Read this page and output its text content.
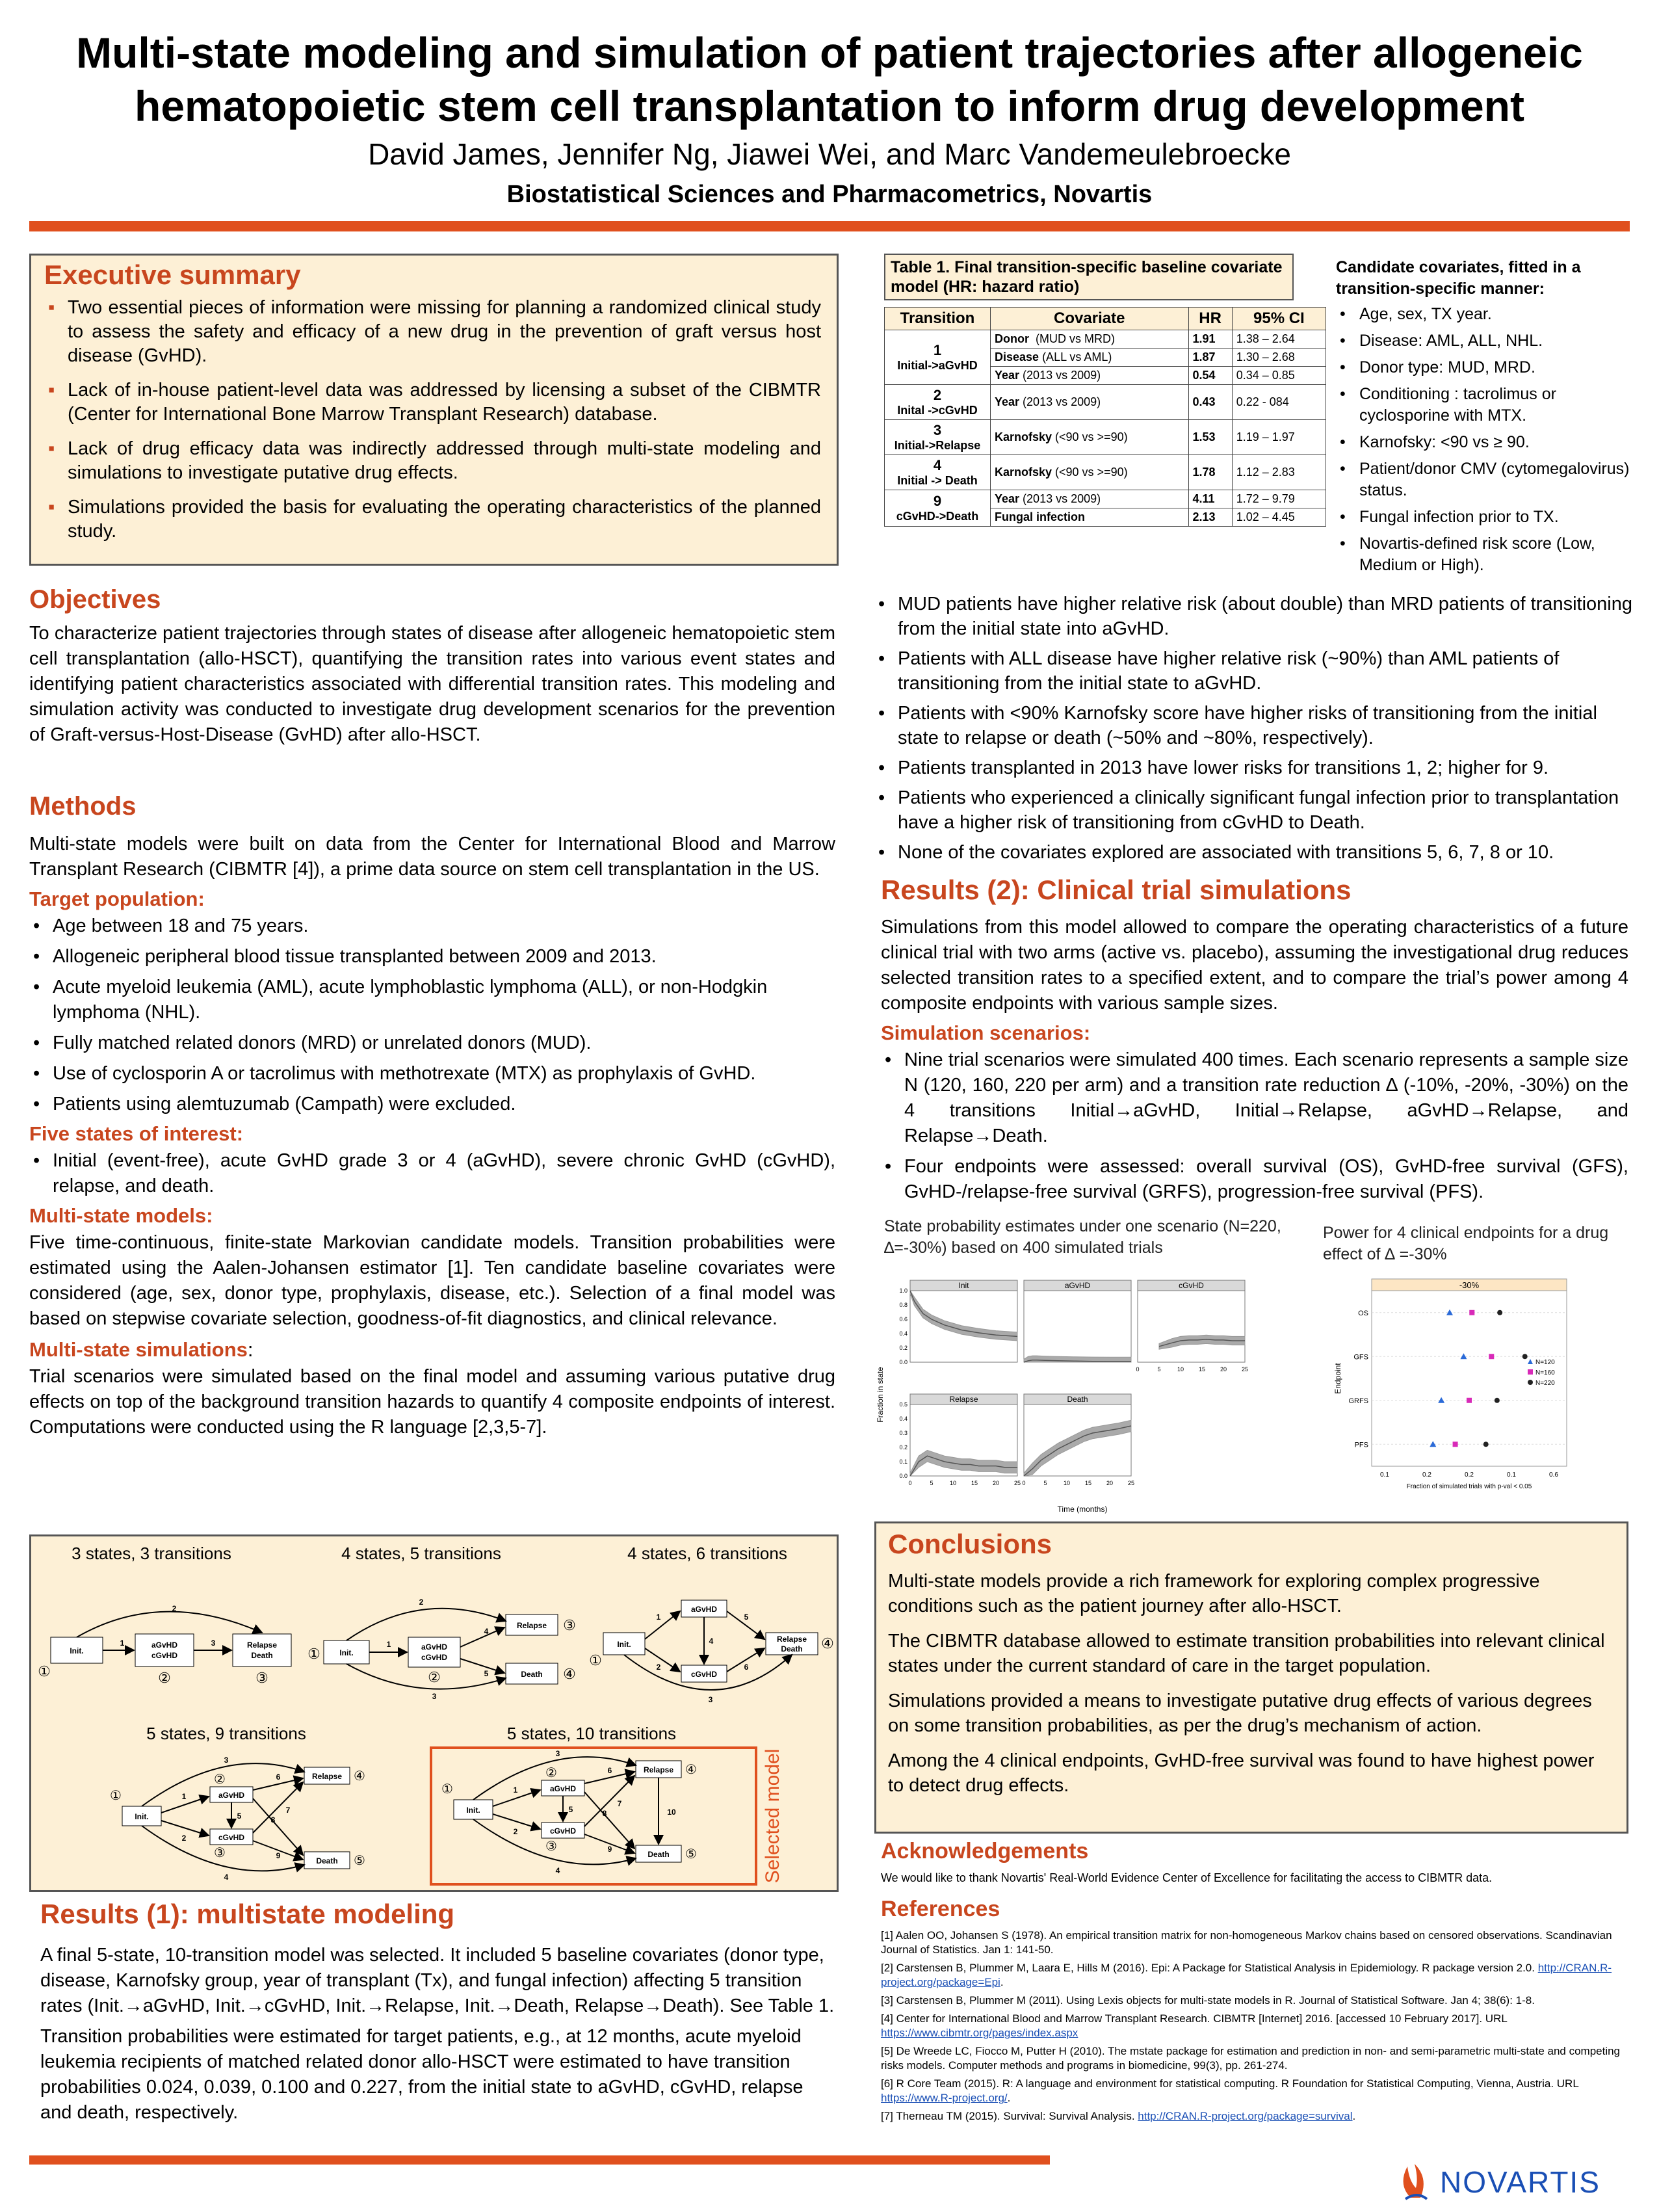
Multi-state modeling and simulation of patient trajectories after allogeneic
hematopoietic stem cell transplantation to inform drug development
David James, Jennifer Ng, Jiawei Wei, and Marc Vandemeulebroecke
Biostatistical Sciences and Pharmacometrics, Novartis
Executive summary
▪ Two essential pieces of information were missing for planning a randomized clinical study to assess the safety and efficacy of a new drug in the prevention of graft versus host disease (GvHD).
▪ Lack of in-house patient-level data was addressed by licensing a subset of the CIBMTR (Center for International Bone Marrow Transplant Research) database.
▪ Lack of drug efficacy data was indirectly addressed through multi-state modeling and simulations to investigate putative drug effects.
▪ Simulations provided the basis for evaluating the operating characteristics of the planned study.
Objectives
To characterize patient trajectories through states of disease after allogeneic hematopoietic stem cell transplantation (allo-HSCT), quantifying the transition rates into various event states and identifying patient characteristics associated with differential transition rates. This modeling and simulation activity was conducted to investigate drug development scenarios for the prevention of Graft-versus-Host-Disease (GvHD) after allo-HSCT.
Methods
Multi-state models were built on data from the Center for International Blood and Marrow Transplant Research (CIBMTR [4]), a prime data source on stem cell transplantation in the US.
Target population:
• Age between 18 and 75 years.
• Allogeneic peripheral blood tissue transplanted between 2009 and 2013.
• Acute myeloid leukemia (AML), acute lymphoblastic lymphoma (ALL), or non-Hodgkin lymphoma (NHL).
• Fully matched related donors (MRD) or unrelated donors (MUD).
• Use of cyclosporin A or tacrolimus with methotrexate (MTX) as prophylaxis of GvHD.
• Patients using alemtuzumab (Campath) were excluded.
Five states of interest:
• Initial (event-free), acute GvHD grade 3 or 4 (aGvHD), severe chronic GvHD (cGvHD), relapse, and death.
Multi-state models:
Five time-continuous, finite-state Markovian candidate models. Transition probabilities were estimated using the Aalen-Johansen estimator [1]. Ten candidate baseline covariates were considered (age, sex, donor type, prophylaxis, disease, etc.). Selection of a final model was based on stepwise covariate selection, goodness-of-fit diagnostics, and clinical relevance.
Multi-state simulations:
Trial scenarios were simulated based on the final model and assuming various putative drug effects on top of the background transition hazards to quantify 4 composite endpoints of interest. Computations were conducted using the R language [2,3,5-7].
3 states, 3 transitions
Init.
aGvHD
cGvHD
Relapse
Death
1
2
3
①	②	③
4 states, 5 transitions
Init.
aGvHD
cGvHD
Relapse
Death
1
2
3
4
5
①
②
③
④
4 states, 6 transitions
Init.
aGvHD
cGvHD
Relapse
Death
1
2
3
4
5
6
①
④
5 states, 9 transitions
Init.
aGvHD
cGvHD
Relapse
Death
1
2
3
4
5
6
7
8
9
①
②
③
④
⑤
5 states, 10 transitions
Init.
aGvHD
cGvHD
Relapse
Death
1
2
3
4
5
6
7
8
9
10
①
②
③
④
⑤	Selected model
Results (1): multistate modeling

A final 5-state, 10-transition model was selected. It included 5 baseline covariates (donor type, disease, Karnofsky group, year of transplant (Tx), and fungal infection) affecting 5 transition rates (Init.→aGvHD, Init.→cGvHD, Init.→Relapse, Init.→Death, Relapse→Death). See Table 1.

Transition probabilities were estimated for target patients, e.g., at 12 months, acute myeloid leukemia recipients of matched related donor allo-HSCT were estimated to have transition probabilities 0.024, 0.039, 0.100 and 0.227, from the initial state to aGvHD, cGvHD, relapse and death, respectively.

Table 1. Final transition-specific baseline covariate model (HR: hazard ratio)
Transition	Covariate	HR	95% CI

1
Initial->aGvHD	Donor  (MUD vs MRD)	1.91	1.38 – 2.64
	Disease (ALL vs AML)	1.87	1.30 – 2.68
	Year (2013 vs 2009)	0.54	0.34 – 0.85

2
Inital ->cGvHD	Year (2013 vs 2009)	0.43	0.22 - 084

3
Initial->Relapse	Karnofsky (<90 vs >=90)	1.53	1.19 – 1.97

4
Initial -> Death	Karnofsky (<90 vs >=90)	1.78	1.12 – 2.83

9
cGvHD->Death	Year (2013 vs 2009)	4.11	1.72 – 9.79
	Fungal infection	2.13	1.02 – 4.45
Candidate covariates, fitted in a transition-specific manner:
• Age, sex, TX year.
• Disease: AML, ALL, NHL.
• Donor type: MUD, MRD.
• Conditioning : tacrolimus or cyclosporine with MTX.
• Karnofsky: <90 vs ≥ 90.
• Patient/donor CMV (cytomegalovirus) status.
• Fungal infection prior to TX.
• Novartis-defined risk score (Low, Medium or High).
• MUD patients have higher relative risk (about double) than MRD patients of transitioning from the initial state into aGvHD.
• Patients with ALL disease have higher relative risk (~90%) than AML patients of transitioning from the initial state to aGvHD.
• Patients with <90% Karnofsky score have higher risks of transitioning from the initial state to relapse or death (~50% and ~80%, respectively).
• Patients transplanted in 2013 have lower risks for transitions 1, 2; higher for 9.
• Patients who experienced a clinically significant fungal infection prior to transplantation have a higher risk of transitioning from cGvHD to Death.
• None of the covariates explored are associated with transitions 5, 6, 7, 8 or 10.
Results (2): Clinical trial simulations
Simulations from this model allowed to compare the operating characteristics of a future clinical trial with two arms (active vs. placebo), assuming the investigational drug reduces selected transition rates to a specified extent, and to compare the trial’s power among 4 composite endpoints with various sample sizes.
Simulation scenarios:
• Nine trial scenarios were simulated 400 times. Each scenario represents a sample size N (120, 160, 220 per arm) and a transition rate reduction ∆ (-10%, -20%, -30%) on the 4 transitions Initial→aGvHD, Initial→Relapse, aGvHD→Relapse, and Relapse→Death.
• Four endpoints were assessed: overall survival (OS), GvHD-free survival (GFS), GvHD-/relapse-free survival (GRFS), progression-free survival (PFS).
State probability estimates under one scenario (N=220, ∆=-30%) based on 400 simulated trials
Power for 4 clinical endpoints for a drug effect of ∆ =-30%
Init
0.0
0.2
0.4
0.6
0.8
1.0
aGvHD	cGvHD
0	5	10	15	20	25
Relapse
0.0
0.1
0.2
0.3
0.4
0.5
0	5	10	15	20	25
Death
0	5	10	15	20	25
Time (months)
Fraction in state
-30%
OS
GFS
GRFS
PFS
N=120
N=160
N=220
0.1	0.2	0.2	0.1	0.6
Fraction of simulated trials with p-val < 0.05
Endpoint
Conclusions

Multi-state models provide a rich framework for exploring complex progressive conditions such as the patient journey after allo-HSCT.

The CIBMTR database allowed to estimate transition probabilities into relevant clinical states under the current standard of care in the target population.

Simulations provided a means to investigate putative drug effects of various degrees on some transition probabilities, as per the drug’s mechanism of action.

Among the 4 clinical endpoints, GvHD-free survival was found to have highest power to detect drug effects.

Acknowledgements
We would like to thank Novartis' Real-World Evidence Center of Excellence for facilitating the access to CIBMTR data.
References

[1] Aalen OO, Johansen S (1978). An empirical transition matrix for non-homogeneous Markov chains based on censored observations. Scandinavian Journal of Statistics. Jan 1: 141-50.

[2] Carstensen B, Plummer M, Laara E, Hills M (2016). Epi: A Package for Statistical Analysis in Epidemiology. R package version 2.0. http://CRAN.R-project.org/package=Epi.

[3] Carstensen B, Plummer M (2011). Using Lexis objects for multi-state models in R. Journal of Statistical Software. Jan 4; 38(6): 1-8.

[4] Center for International Blood and Marrow Transplant Research. CIBMTR [Internet] 2016. [accessed 10 February 2017]. URL https://www.cibmtr.org/pages/index.aspx

[5] De Wreede LC, Fiocco M, Putter H (2010). The mstate package for estimation and prediction in non- and semi-parametric multi-state and competing risks models. Computer methods and programs in biomedicine, 99(3), pp. 261-274.

[6] R Core Team (2015). R: A language and environment for statistical computing. R Foundation for Statistical Computing, Vienna, Austria. URL https://www.R-project.org/.

[7] Therneau TM (2015). Survival: Survival Analysis. http://CRAN.R-project.org/package=survival.

NOVARTIS
